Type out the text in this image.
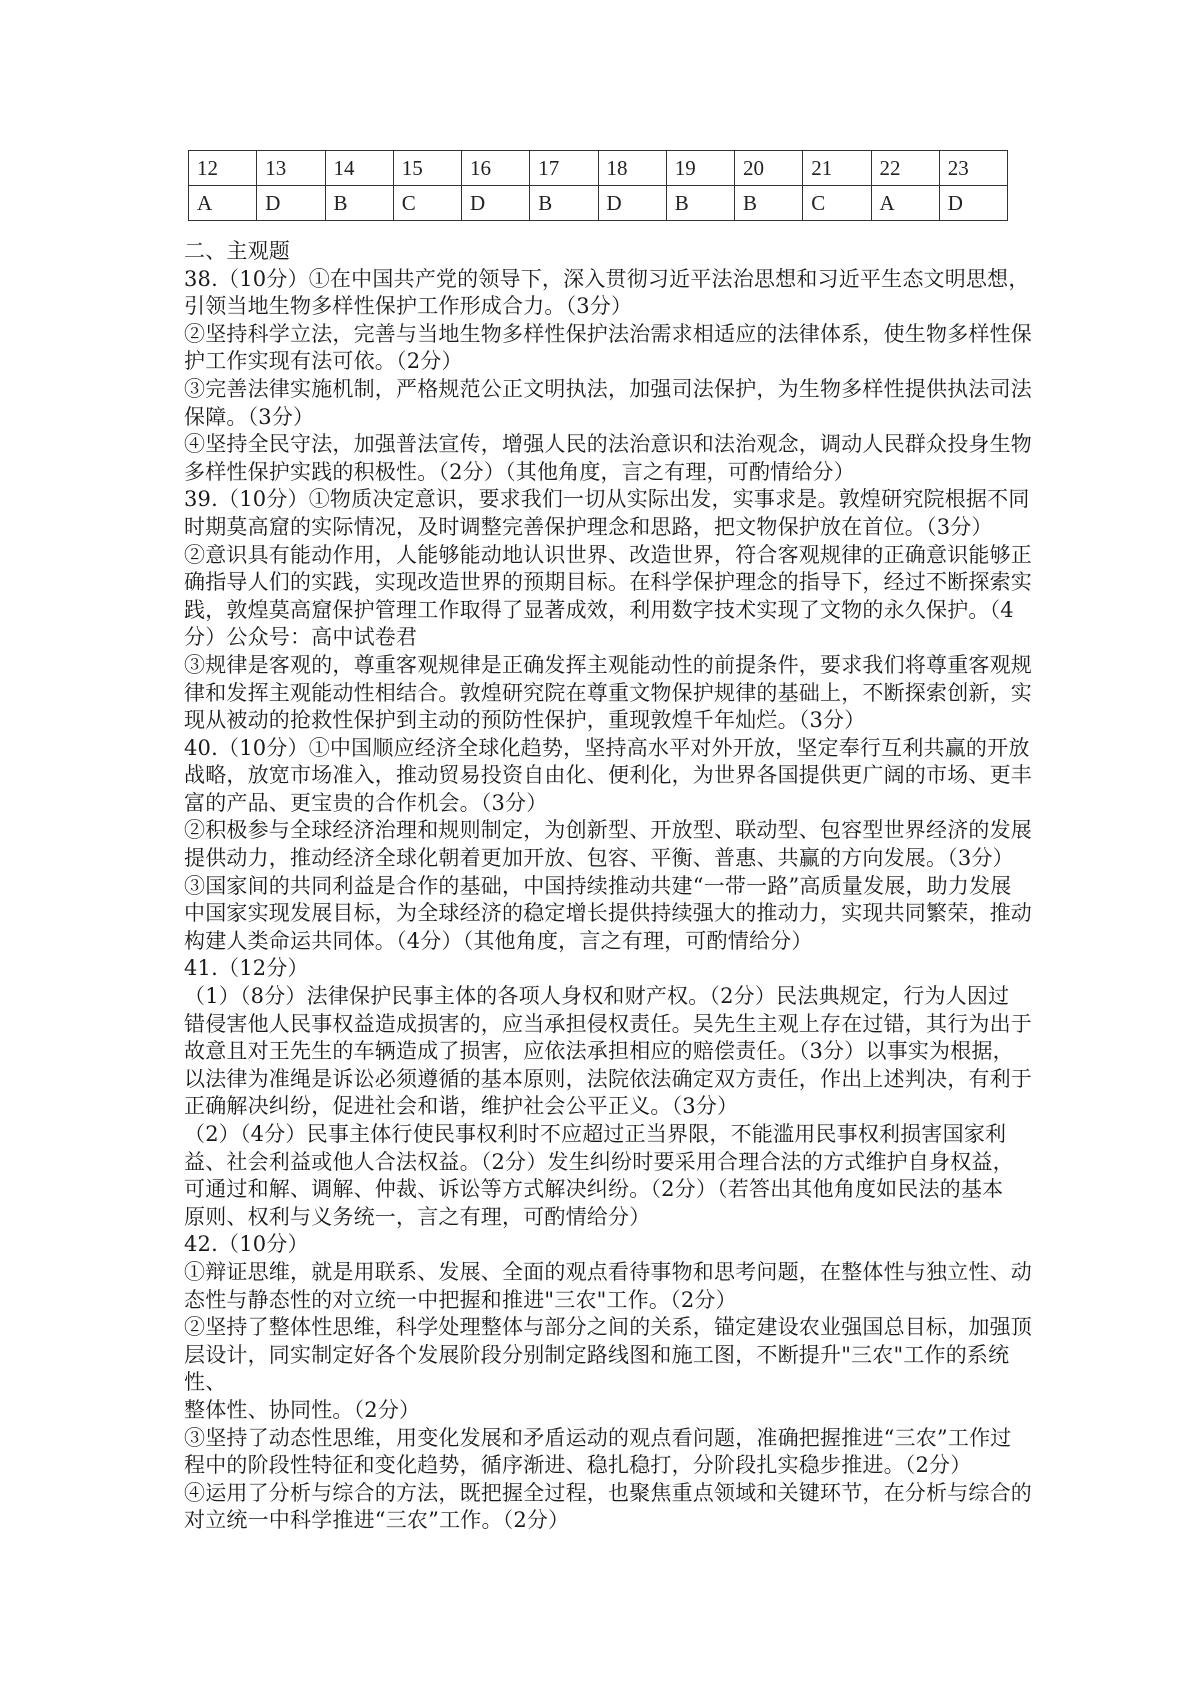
12	13	14	15	16	17	18	19	20	21	22	23
A	D	B	C	D	B	D	B	B	C	A	D

二、主观题

38.（10分）①在中国共产党的领导下，深入贯彻习近平法治思想和习近平生态文明思想，

引领当地生物多样性保护工作形成合力。（3分）

②坚持科学立法，完善与当地生物多样性保护法治需求相适应的法律体系，使生物多样性保

护工作实现有法可依。（2分）

③完善法律实施机制，严格规范公正文明执法，加强司法保护，为生物多样性提供执法司法

保障。（3分）

④坚持全民守法，加强普法宣传，增强人民的法治意识和法治观念，调动人民群众投身生物

多样性保护实践的积极性。（2分）（其他角度，言之有理，可酌情给分）

39.（10分）①物质决定意识，要求我们一切从实际出发，实事求是。敦煌研究院根据不同

时期莫高窟的实际情况，及时调整完善保护理念和思路，把文物保护放在首位。（3分）

②意识具有能动作用，人能够能动地认识世界、改造世界，符合客观规律的正确意识能够正

确指导人们的实践，实现改造世界的预期目标。在科学保护理念的指导下，经过不断探索实

践，敦煌莫高窟保护管理工作取得了显著成效，利用数字技术实现了文物的永久保护。（4

分）公众号：高中试卷君

③规律是客观的，尊重客观规律是正确发挥主观能动性的前提条件，要求我们将尊重客观规

律和发挥主观能动性相结合。敦煌研究院在尊重文物保护规律的基础上，不断探索创新，实

现从被动的抢救性保护到主动的预防性保护，重现敦煌千年灿烂。（3分）

40.（10分）①中国顺应经济全球化趋势，坚持高水平对外开放，坚定奉行互利共赢的开放

战略，放宽市场准入，推动贸易投资自由化、便利化，为世界各国提供更广阔的市场、更丰

富的产品、更宝贵的合作机会。（3分）

②积极参与全球经济治理和规则制定，为创新型、开放型、联动型、包容型世界经济的发展

提供动力，推动经济全球化朝着更加开放、包容、平衡、普惠、共赢的方向发展。（3分）

③国家间的共同利益是合作的基础，中国持续推动共建“一带一路”高质量发展，助力发展

中国家实现发展目标，为全球经济的稳定增长提供持续强大的推动力，实现共同繁荣，推动

构建人类命运共同体。（4分）（其他角度，言之有理，可酌情给分）

41.（12分）

（1）（8分）法律保护民事主体的各项人身权和财产权。（2分）民法典规定，行为人因过

错侵害他人民事权益造成损害的，应当承担侵权责任。吴先生主观上存在过错，其行为出于

故意且对王先生的车辆造成了损害，应依法承担相应的赔偿责任。（3分）以事实为根据，

以法律为准绳是诉讼必须遵循的基本原则，法院依法确定双方责任，作出上述判决，有利于

正确解决纠纷，促进社会和谐，维护社会公平正义。（3分）

（2）（4分）民事主体行使民事权利时不应超过正当界限，不能滥用民事权利损害国家利

益、社会利益或他人合法权益。（2分）发生纠纷时要采用合理合法的方式维护自身权益，

可通过和解、调解、仲裁、诉讼等方式解决纠纷。（2分）（若答出其他角度如民法的基本

原则、权利与义务统一，言之有理，可酌情给分）

42.（10分）

①辩证思维，就是用联系、发展、全面的观点看待事物和思考问题，在整体性与独立性、动

态性与静态性的对立统一中把握和推进"三农"工作。（2分）

②坚持了整体性思维，科学处理整体与部分之间的关系，锚定建设农业强国总目标，加强顶

层设计，同实制定好各个发展阶段分别制定路线图和施工图，不断提升"三农"工作的系统性、

整体性、协同性。（2分）

③坚持了动态性思维，用变化发展和矛盾运动的观点看问题，准确把握推进“三农”工作过

程中的阶段性特征和变化趋势，循序渐进、稳扎稳打，分阶段扎实稳步推进。（2分）

④运用了分析与综合的方法，既把握全过程，也聚焦重点领域和关键环节，在分析与综合的

对立统一中科学推进“三农”工作。（2分）
